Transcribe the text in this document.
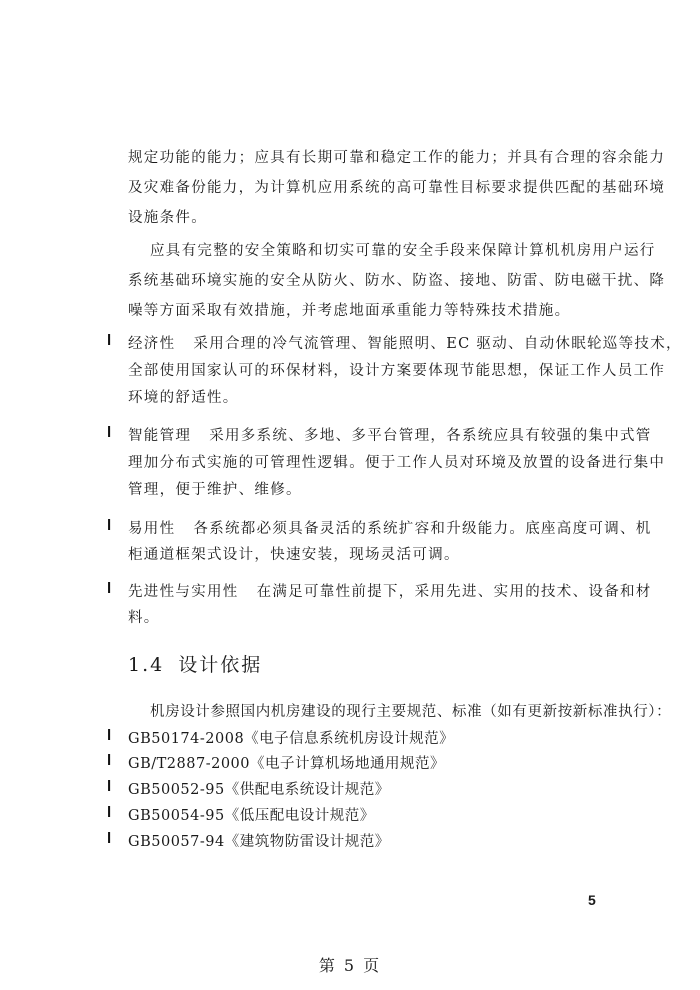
规定功能的能力；应具有长期可靠和稳定工作的能力；并具有合理的容余能力
及灾难备份能力，为计算机应用系统的高可靠性目标要求提供匹配的基础环境
设施条件。
应具有完整的安全策略和切实可靠的安全手段来保障计算机机房用户运行
系统基础环境实施的安全从防火、防水、防盗、接地、防雷、防电磁干扰、降
噪等方面采取有效措施，并考虑地面承重能力等特殊技术措施。
l 经济性 采用合理的冷气流管理、智能照明、EC 驱动、自动休眠轮巡等技术，
全部使用国家认可的环保材料，设计方案要体现节能思想，保证工作人员工作
环境的舒适性。
l 智能管理 采用多系统、多地、多平台管理，各系统应具有较强的集中式管
理加分布式实施的可管理性逻辑。便于工作人员对环境及放置的设备进行集中
管理，便于维护、维修。
l 易用性 各系统都必须具备灵活的系统扩容和升级能力。底座高度可调、机
柜通道框架式设计，快速安装，现场灵活可调。
l 先进性与实用性 在满足可靠性前提下，采用先进、实用的技术、设备和材
料。
1.4 设计依据
机房设计参照国内机房建设的现行主要规范、标准（如有更新按新标准执行）：
l GB50174-2008《电子信息系统机房设计规范》
l GB/T2887-2000《电子计算机场地通用规范》
l GB50052-95《供配电系统设计规范》
l GB50054-95《低压配电设计规范》
l GB50057-94《建筑物防雷设计规范》
5
第 5 页
